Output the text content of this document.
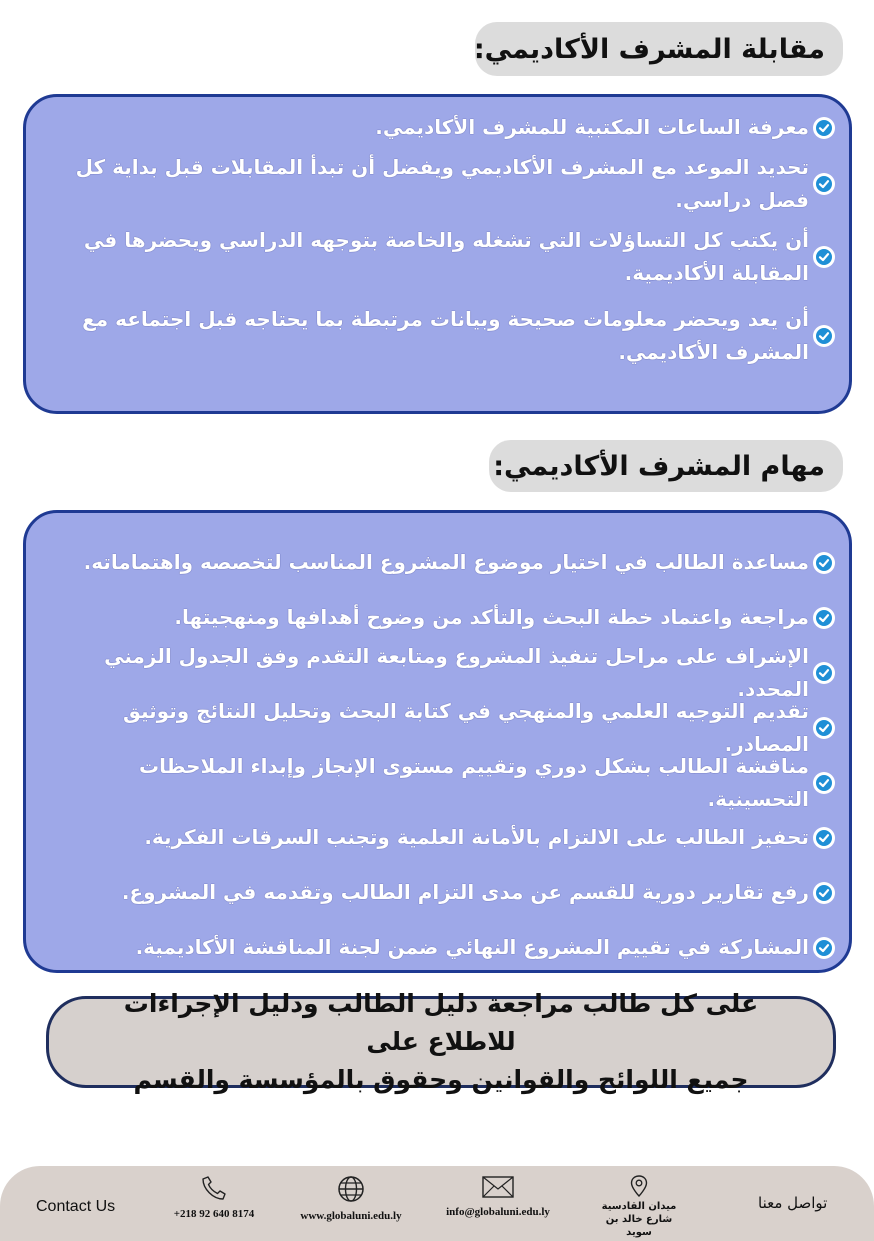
مقابلة المشرف الأكاديمي:
معرفة الساعات المكتبية للمشرف الأكاديمي.
تحديد الموعد مع المشرف الأكاديمي ويفضل أن تبدأ المقابلات قبل بداية كل فصل دراسي.
أن يكتب كل التساؤلات التي تشغله والخاصة بتوجهه الدراسي ويحضرها في المقابلة الأكاديمية.
أن يعد ويحضر معلومات صحيحة وبيانات مرتبطة بما يحتاجه قبل اجتماعه مع المشرف الأكاديمي.
مهام المشرف الأكاديمي:
مساعدة الطالب في اختيار موضوع المشروع المناسب لتخصصه واهتماماته.
مراجعة واعتماد خطة البحث والتأكد من وضوح أهدافها ومنهجيتها.
الإشراف على مراحل تنفيذ المشروع ومتابعة التقدم وفق الجدول الزمني المحدد.
تقديم التوجيه العلمي والمنهجي في كتابة البحث وتحليل النتائج وتوثيق المصادر.
مناقشة الطالب بشكل دوري وتقييم مستوى الإنجاز وإبداء الملاحظات التحسينية.
تحفيز الطالب على الالتزام بالأمانة العلمية وتجنب السرقات الفكرية.
رفع تقارير دورية للقسم عن مدى التزام الطالب وتقدمه في المشروع.
المشاركة في تقييم المشروع النهائي ضمن لجنة المناقشة الأكاديمية.
على كل طالب مراجعة دليل الطالب ودليل الإجراءات للاطلاع على
جميع اللوائح والقوانين وحقوق بالمؤسسة والقسم
Contact Us	+218 92 640 8174	www.globaluni.edu.ly	info@globaluni.edu.ly	ميدان القادسية
شارع خالد بن سويد
تواصل معنا
